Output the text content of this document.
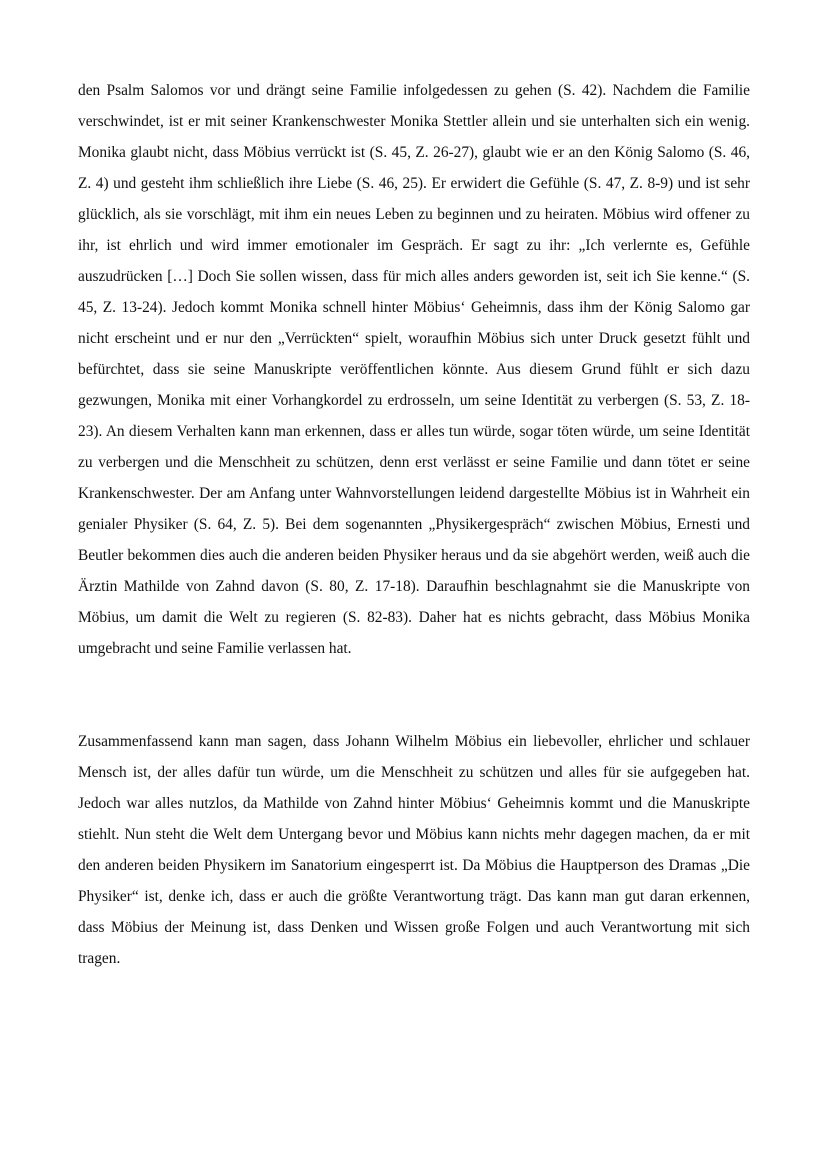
den Psalm Salomos vor und drängt seine Familie infolgedessen zu gehen (S. 42). Nachdem die Familie verschwindet, ist er mit seiner Krankenschwester Monika Stettler allein und sie unterhalten sich ein wenig. Monika glaubt nicht, dass Möbius verrückt ist (S. 45, Z. 26-27), glaubt wie er an den König Salomo (S. 46, Z. 4) und gesteht ihm schließlich ihre Liebe (S. 46, 25). Er erwidert die Gefühle (S. 47, Z. 8-9) und ist sehr glücklich, als sie vorschlägt, mit ihm ein neues Leben zu beginnen und zu heiraten. Möbius wird offener zu ihr, ist ehrlich und wird immer emotionaler im Gespräch. Er sagt zu ihr: „Ich verlernte es, Gefühle auszudrücken […] Doch Sie sollen wissen, dass für mich alles anders geworden ist, seit ich Sie kenne.“ (S. 45, Z. 13-24). Jedoch kommt Monika schnell hinter Möbius‘ Geheimnis, dass ihm der König Salomo gar nicht erscheint und er nur den „Verrückten“ spielt, woraufhin Möbius sich unter Druck gesetzt fühlt und befürchtet, dass sie seine Manuskripte veröffentlichen könnte. Aus diesem Grund fühlt er sich dazu gezwungen, Monika mit einer Vorhangkordel zu erdrosseln, um seine Identität zu verbergen (S. 53, Z. 18-23). An diesem Verhalten kann man erkennen, dass er alles tun würde, sogar töten würde, um seine Identität zu verbergen und die Menschheit zu schützen, denn erst verlässt er seine Familie und dann tötet er seine Krankenschwester. Der am Anfang unter Wahnvorstellungen leidend dargestellte Möbius ist in Wahrheit ein genialer Physiker (S. 64, Z. 5). Bei dem sogenannten „Physikergespräch“ zwischen Möbius, Ernesti und Beutler bekommen dies auch die anderen beiden Physiker heraus und da sie abgehört werden, weiß auch die Ärztin Mathilde von Zahnd davon (S. 80, Z. 17-18). Daraufhin beschlagnahmt sie die Manuskripte von Möbius, um damit die Welt zu regieren (S. 82-83). Daher hat es nichts gebracht, dass Möbius Monika umgebracht und seine Familie verlassen hat.

Zusammenfassend kann man sagen, dass Johann Wilhelm Möbius ein liebevoller, ehrlicher und schlauer Mensch ist, der alles dafür tun würde, um die Menschheit zu schützen und alles für sie aufgegeben hat. Jedoch war alles nutzlos, da Mathilde von Zahnd hinter Möbius‘ Geheimnis kommt und die Manuskripte stiehlt. Nun steht die Welt dem Untergang bevor und Möbius kann nichts mehr dagegen machen, da er mit den anderen beiden Physikern im Sanatorium eingesperrt ist. Da Möbius die Hauptperson des Dramas „Die Physiker“ ist, denke ich, dass er auch die größte Verantwortung trägt. Das kann man gut daran erkennen, dass Möbius der Meinung ist, dass Denken und Wissen große Folgen und auch Verantwortung mit sich tragen.
